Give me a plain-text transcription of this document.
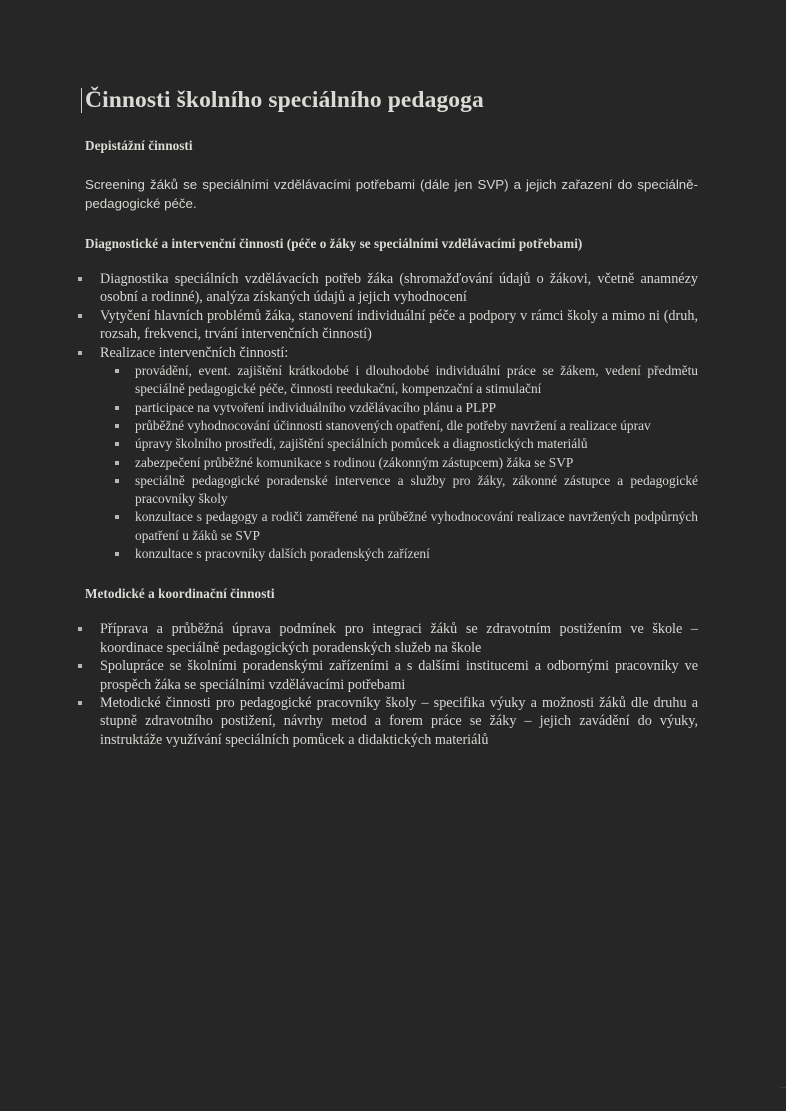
Činnosti školního speciálního pedagoga
Depistážní činnosti

Screening žáků se speciálními vzdělávacími potřebami (dále jen SVP) a jejich zařazení do speciálně-pedagogické péče.

Diagnostické a intervenční činnosti (péče o žáky se speciálními vzdělávacími potřebami)
Diagnostika speciálních vzdělávacích potřeb žáka (shromažďování údajů o žákovi, včetně anamnézy osobní a rodinné), analýza získaných údajů a jejich vyhodnocení
Vytyčení hlavních problémů žáka, stanovení individuální péče a podpory v rámci školy a mimo ni (druh, rozsah, frekvenci, trvání intervenčních činností)
Realizace intervenčních činností:
provádění, event. zajištění krátkodobé i dlouhodobé individuální práce se žákem, vedení předmětu speciálně pedagogické péče, činnosti reedukační, kompenzační a stimulační
participace na vytvoření individuálního vzdělávacího plánu a PLPP
průběžné vyhodnocování účinnosti stanovených opatření, dle potřeby navržení a realizace úprav
úpravy školního prostředí, zajištění speciálních pomůcek a diagnostických materiálů
zabezpečení průběžné komunikace s rodinou (zákonným zástupcem) žáka se SVP
speciálně pedagogické poradenské intervence a služby pro žáky, zákonné zástupce a pedagogické pracovníky školy
konzultace s pedagogy a rodiči zaměřené na průběžné vyhodnocování realizace navržených podpůrných opatření u žáků se SVP
konzultace s pracovníky dalších poradenských zařízení
Metodické a koordinační činnosti
Příprava a průběžná úprava podmínek pro integraci žáků se zdravotním postižením ve škole – koordinace speciálně pedagogických poradenských služeb na škole
Spolupráce se školními poradenskými zařízeními a s dalšími institucemi a odbornými pracovníky ve prospěch žáka se speciálními vzdělávacími potřebami
Metodické činnosti pro pedagogické pracovníky školy – specifika výuky a možnosti žáků dle druhu a stupně zdravotního postižení, návrhy metod a forem práce se žáky – jejich zavádění do výuky, instruktáže využívání speciálních pomůcek a didaktických materiálů
